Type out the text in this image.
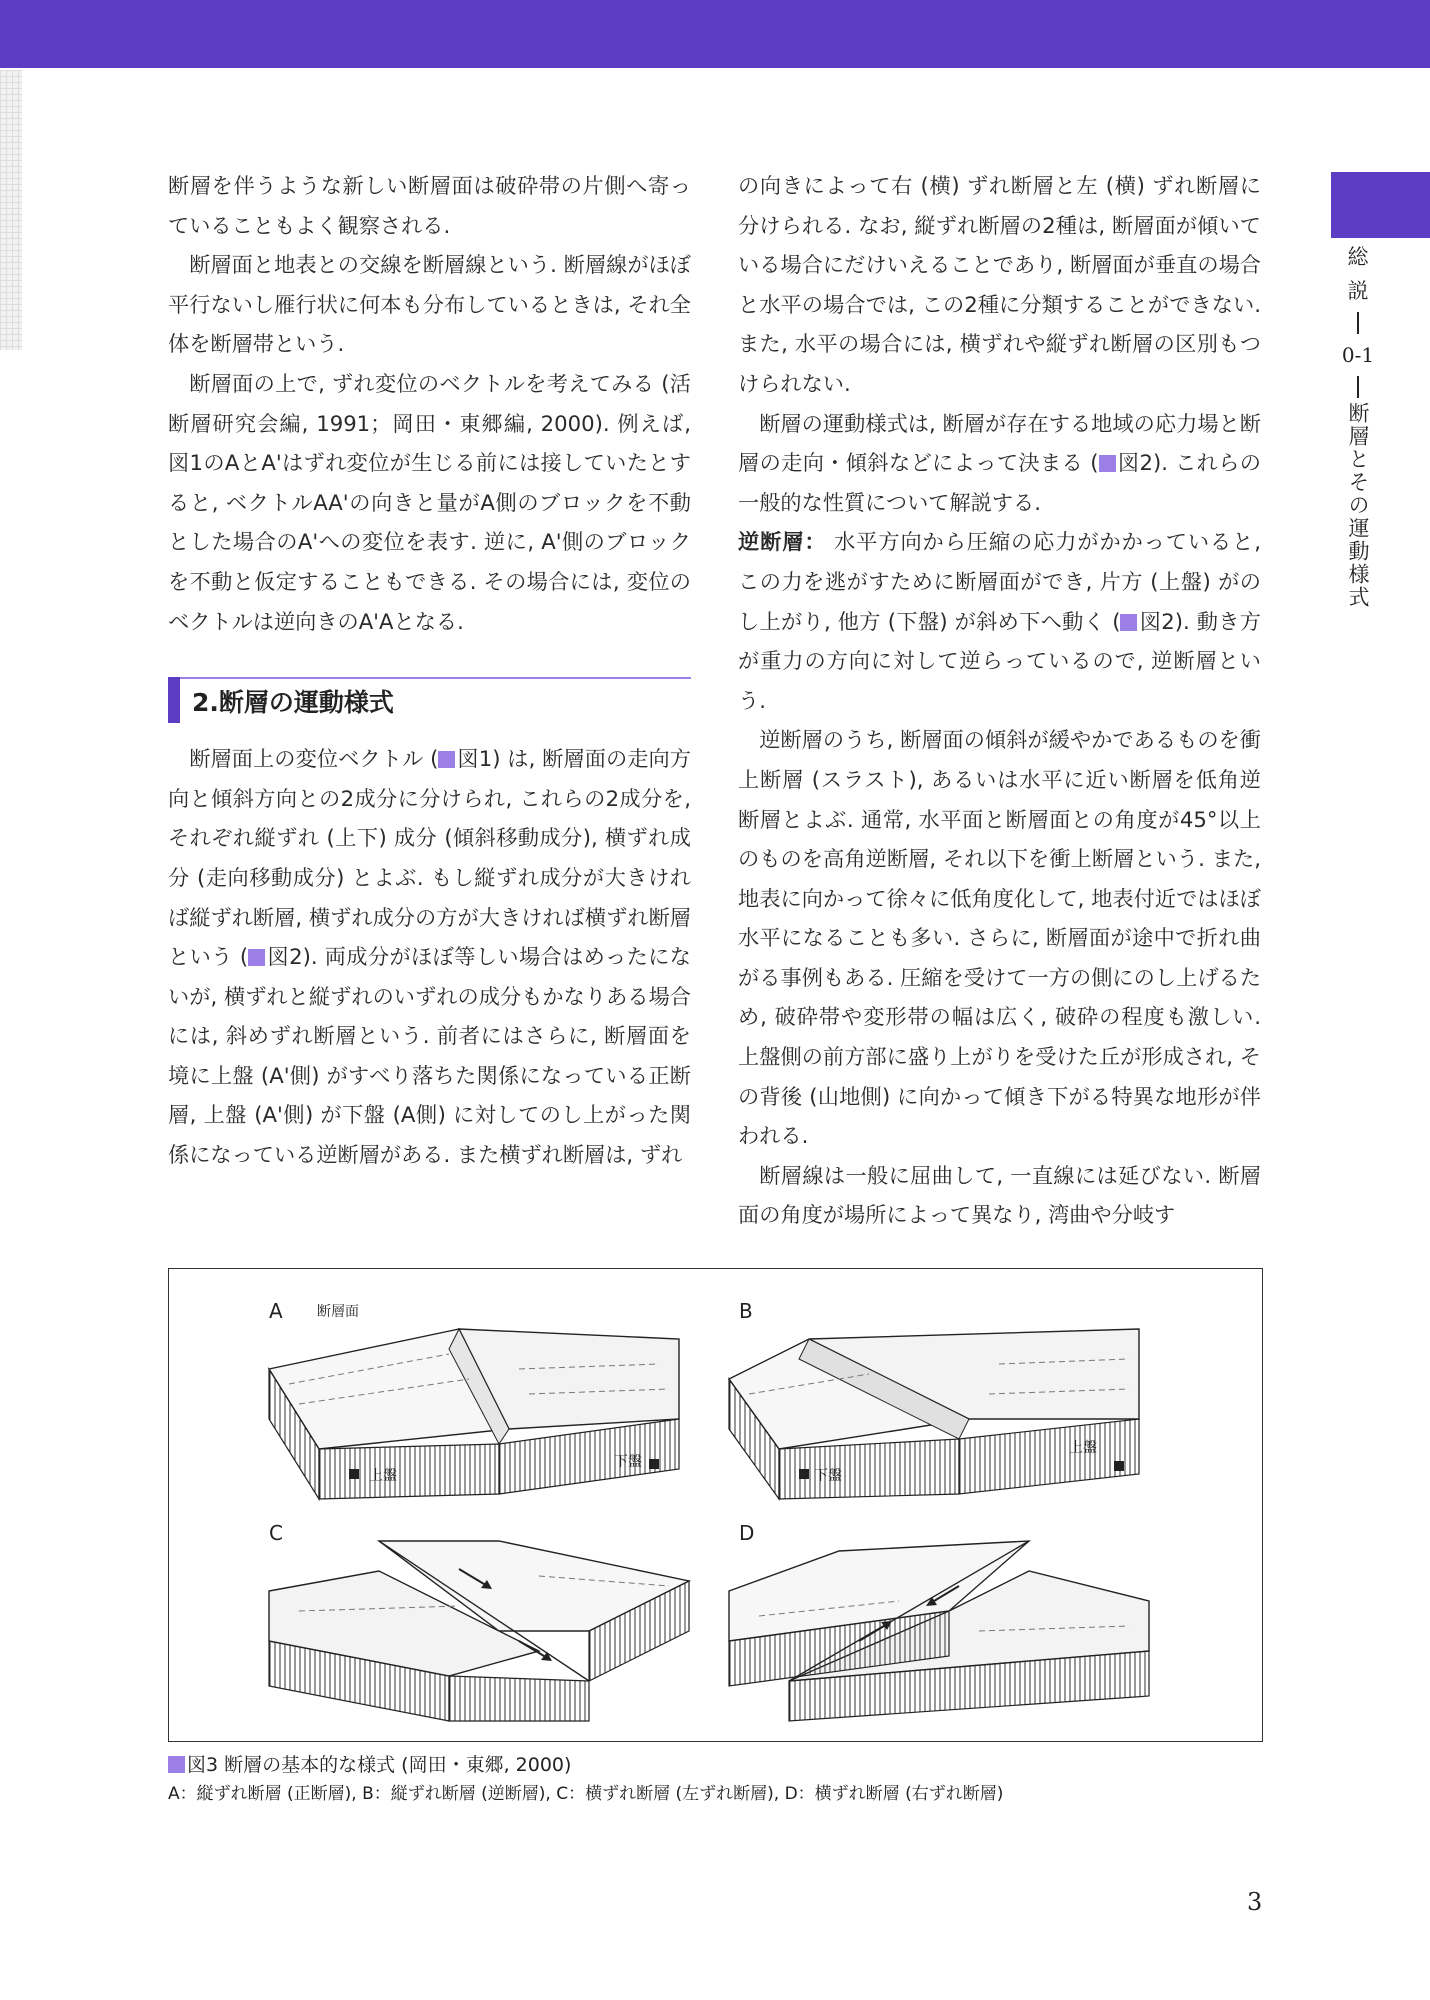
総
説
0-1
断層とその運動様式

断層を伴うような新しい断層面は破砕帯の片側へ寄っていることもよく観察される.

断層面と地表との交線を断層線という. 断層線がほぼ平行ないし雁行状に何本も分布しているときは, それ全体を断層帯という.

断層面の上で, ずれ変位のベクトルを考えてみる (活断層研究会編, 1991；岡田・東郷編, 2000). 例えば, 図1のAとA'はずれ変位が生じる前には接していたとすると, ベクトルAA'の向きと量がA側のブロックを不動とした場合のA'への変位を表す. 逆に, A'側のブロックを不動と仮定することもできる. その場合には, 変位のベクトルは逆向きのA'Aとなる.

2.断層の運動様式

断層面上の変位ベクトル ( 図1) は, 断層面の走向方向と傾斜方向との2成分に分けられ, これらの2成分を, それぞれ縦ずれ (上下) 成分 (傾斜移動成分), 横ずれ成分 (走向移動成分) とよぶ. もし縦ずれ成分が大きければ縦ずれ断層, 横ずれ成分の方が大きければ横ずれ断層という ( 図2). 両成分がほぼ等しい場合はめったにないが, 横ずれと縦ずれのいずれの成分もかなりある場合には, 斜めずれ断層という. 前者にはさらに, 断層面を境に上盤 (A'側) がすべり落ちた関係になっている正断層, 上盤 (A'側) が下盤 (A側) に対してのし上がった関係になっている逆断層がある. また横ずれ断層は, ずれ

の向きによって右 (横) ずれ断層と左 (横) ずれ断層に分けられる. なお, 縦ずれ断層の2種は, 断層面が傾いている場合にだけいえることであり, 断層面が垂直の場合と水平の場合では, この2種に分類することができない. また, 水平の場合には, 横ずれや縦ずれ断層の区別もつけられない.

断層の運動様式は, 断層が存在する地域の応力場と断層の走向・傾斜などによって決まる ( 図2). これらの一般的な性質について解説する.

逆断層： 水平方向から圧縮の応力がかかっていると, この力を逃がすために断層面ができ, 片方 (上盤) がのし上がり, 他方 (下盤) が斜め下へ動く ( 図2). 動き方が重力の方向に対して逆らっているので, 逆断層という.

逆断層のうち, 断層面の傾斜が緩やかであるものを衝上断層 (スラスト), あるいは水平に近い断層を低角逆断層とよぶ. 通常, 水平面と断層面との角度が45°以上のものを高角逆断層, それ以下を衝上断層という. また, 地表に向かって徐々に低角度化して, 地表付近ではほぼ水平になることも多い. さらに, 断層面が途中で折れ曲がる事例もある. 圧縮を受けて一方の側にのし上げるため, 破砕帯や変形帯の幅は広く, 破砕の程度も激しい. 上盤側の前方部に盛り上がりを受けた丘が形成され, その背後 (山地側) に向かって傾き下がる特異な地形が伴われる.

断層線は一般に屈曲して, 一直線には延びない. 断層面の角度が場所によって異なり, 湾曲や分岐す

A 断層面
上盤
下盤
B
下盤
上盤
C	D
図3 断層の基本的な様式 (岡田・東郷, 2000)
A：縦ずれ断層 (正断層), B：縦ずれ断層 (逆断層), C：横ずれ断層 (左ずれ断層), D：横ずれ断層 (右ずれ断層)
3
